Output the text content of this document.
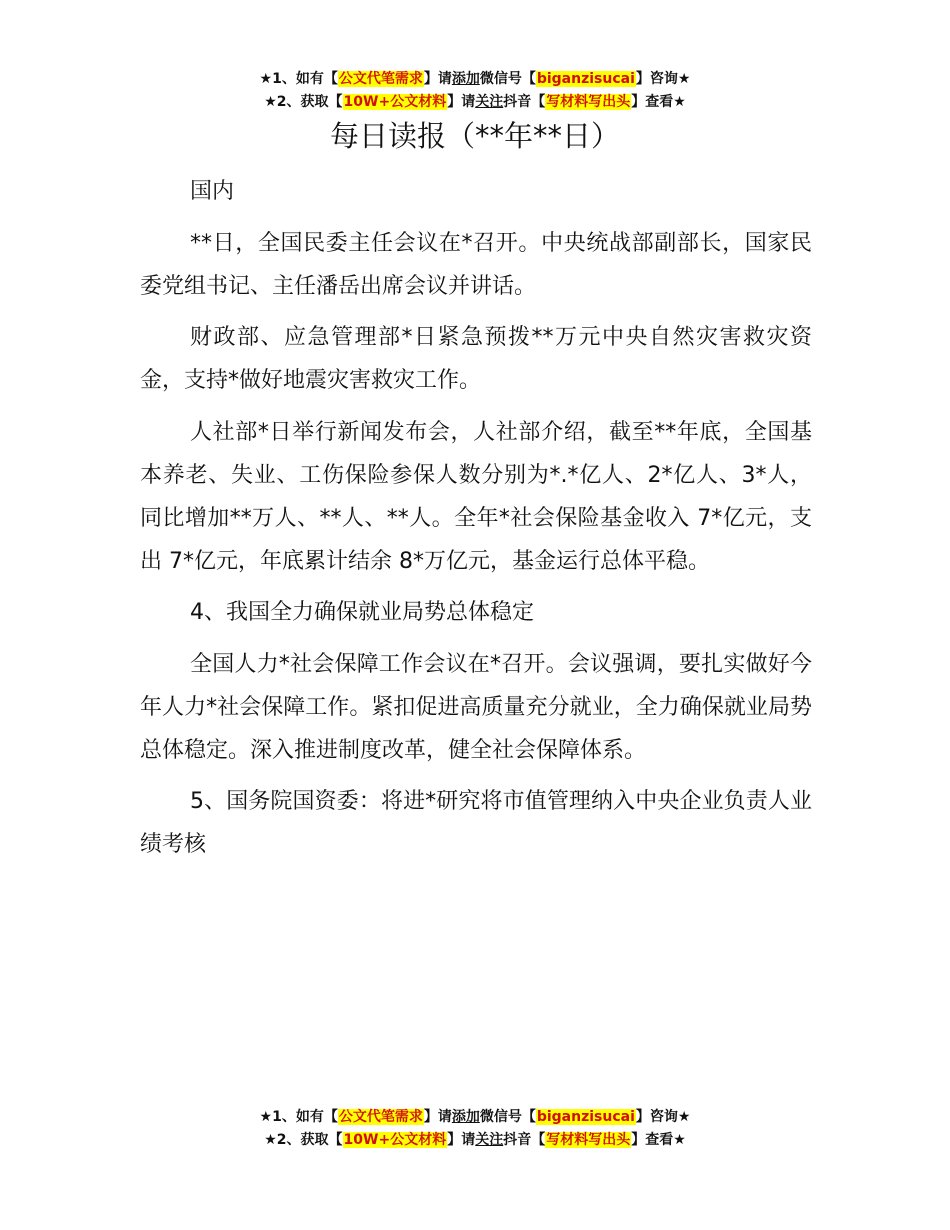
★1、如有【公文代笔需求】请添加微信号【biganzisucai】咨询★
★2、获取【10W+公文材料】请关注抖音【写材料写出头】查看★
每日读报（**年**日）

国内

**日，全国民委主任会议在*召开。中央统战部副部长，国家民委党组书记、主任潘岳出席会议并讲话。

财政部、应急管理部*日紧急预拨**万元中央自然灾害救灾资金，支持*做好地震灾害救灾工作。

人社部*日举行新闻发布会，人社部介绍，截至**年底，全国基本养老、失业、工伤保险参保人数分别为*.*亿人、2*亿人、3*人，同比增加**万人、**人、**人。全年*社会保险基金收入 7*亿元，支出 7*亿元，年底累计结余 8*万亿元，基金运行总体平稳。

4、我国全力确保就业局势总体稳定

全国人力*社会保障工作会议在*召开。会议强调，要扎实做好今年人力*社会保障工作。紧扣促进高质量充分就业，全力确保就业局势总体稳定。深入推进制度改革，健全社会保障体系。

5、国务院国资委：将进*研究将市值管理纳入中央企业负责人业绩考核

★1、如有【公文代笔需求】请添加微信号【biganzisucai】咨询★
★2、获取【10W+公文材料】请关注抖音【写材料写出头】查看★
